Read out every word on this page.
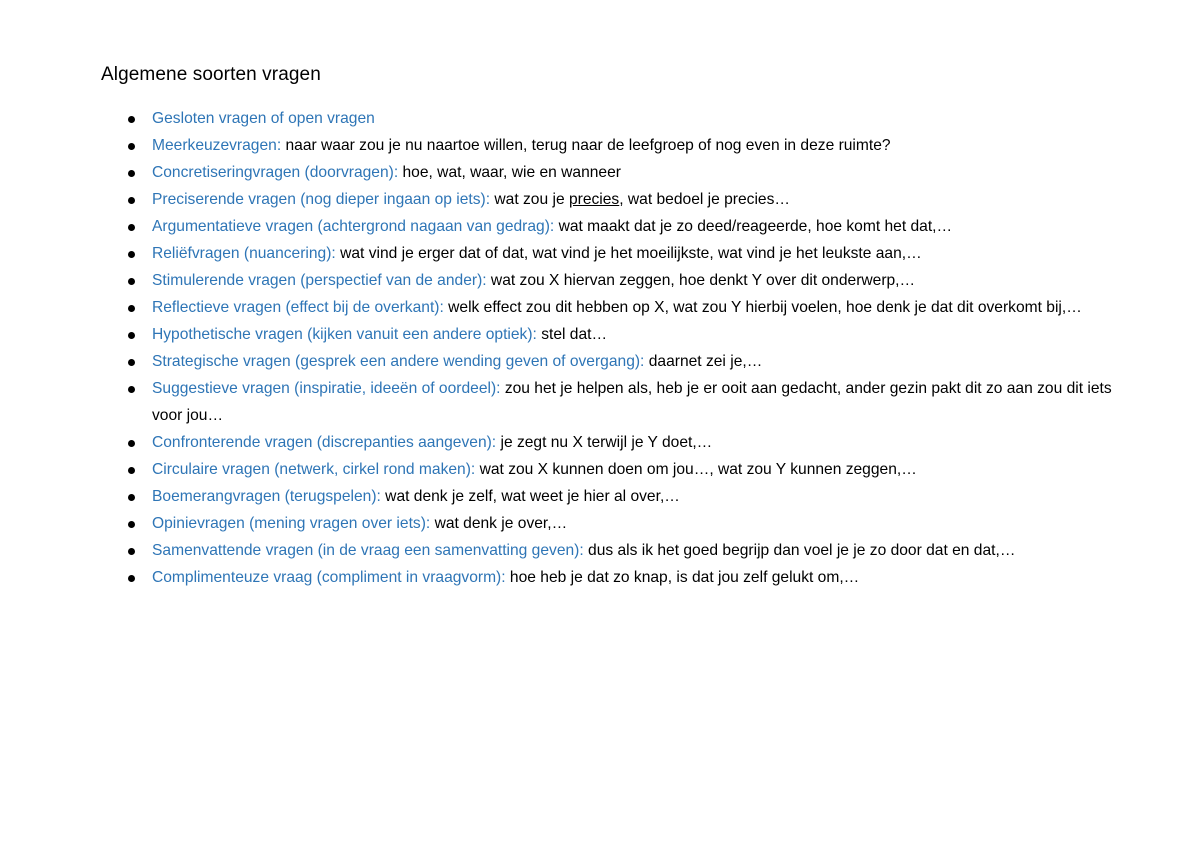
Algemene soorten vragen
Gesloten vragen of open vragen
Meerkeuzevragen: naar waar zou je nu naartoe willen, terug naar de leefgroep of nog even in deze ruimte?
Concretiseringvragen (doorvragen): hoe, wat, waar, wie en wanneer
Preciserende vragen (nog dieper ingaan op iets): wat zou je precies, wat bedoel je precies…
Argumentatieve vragen (achtergrond nagaan van gedrag): wat maakt dat je zo deed/reageerde, hoe komt het dat,…
Reliëfvragen (nuancering): wat vind je erger dat of dat, wat vind je het moeilijkste, wat vind je het leukste aan,…
Stimulerende vragen (perspectief van de ander): wat zou X hiervan zeggen, hoe denkt Y over dit onderwerp,…
Reflectieve vragen (effect bij de overkant): welk effect zou dit hebben op X, wat zou Y hierbij voelen, hoe denk je dat dit overkomt bij,…
Hypothetische vragen (kijken vanuit een andere optiek): stel dat…
Strategische vragen (gesprek een andere wending geven of overgang): daarnet zei je,…
Suggestieve vragen (inspiratie, ideeën of oordeel): zou het je helpen als, heb je er ooit aan gedacht, ander gezin pakt dit zo aan zou dit iets voor jou…
Confronterende vragen (discrepanties aangeven): je zegt nu X terwijl je Y doet,…
Circulaire vragen (netwerk, cirkel rond maken): wat zou X kunnen doen om jou…, wat zou Y kunnen zeggen,…
Boemerangvragen (terugspelen): wat denk je zelf, wat weet je hier al over,…
Opinievragen (mening vragen over iets): wat denk je over,…
Samenvattende vragen (in de vraag een samenvatting geven): dus als ik het goed begrijp dan voel je je zo door dat en dat,…
Complimenteuze vraag (compliment in vraagvorm): hoe heb je dat zo knap, is dat jou zelf gelukt om,…
